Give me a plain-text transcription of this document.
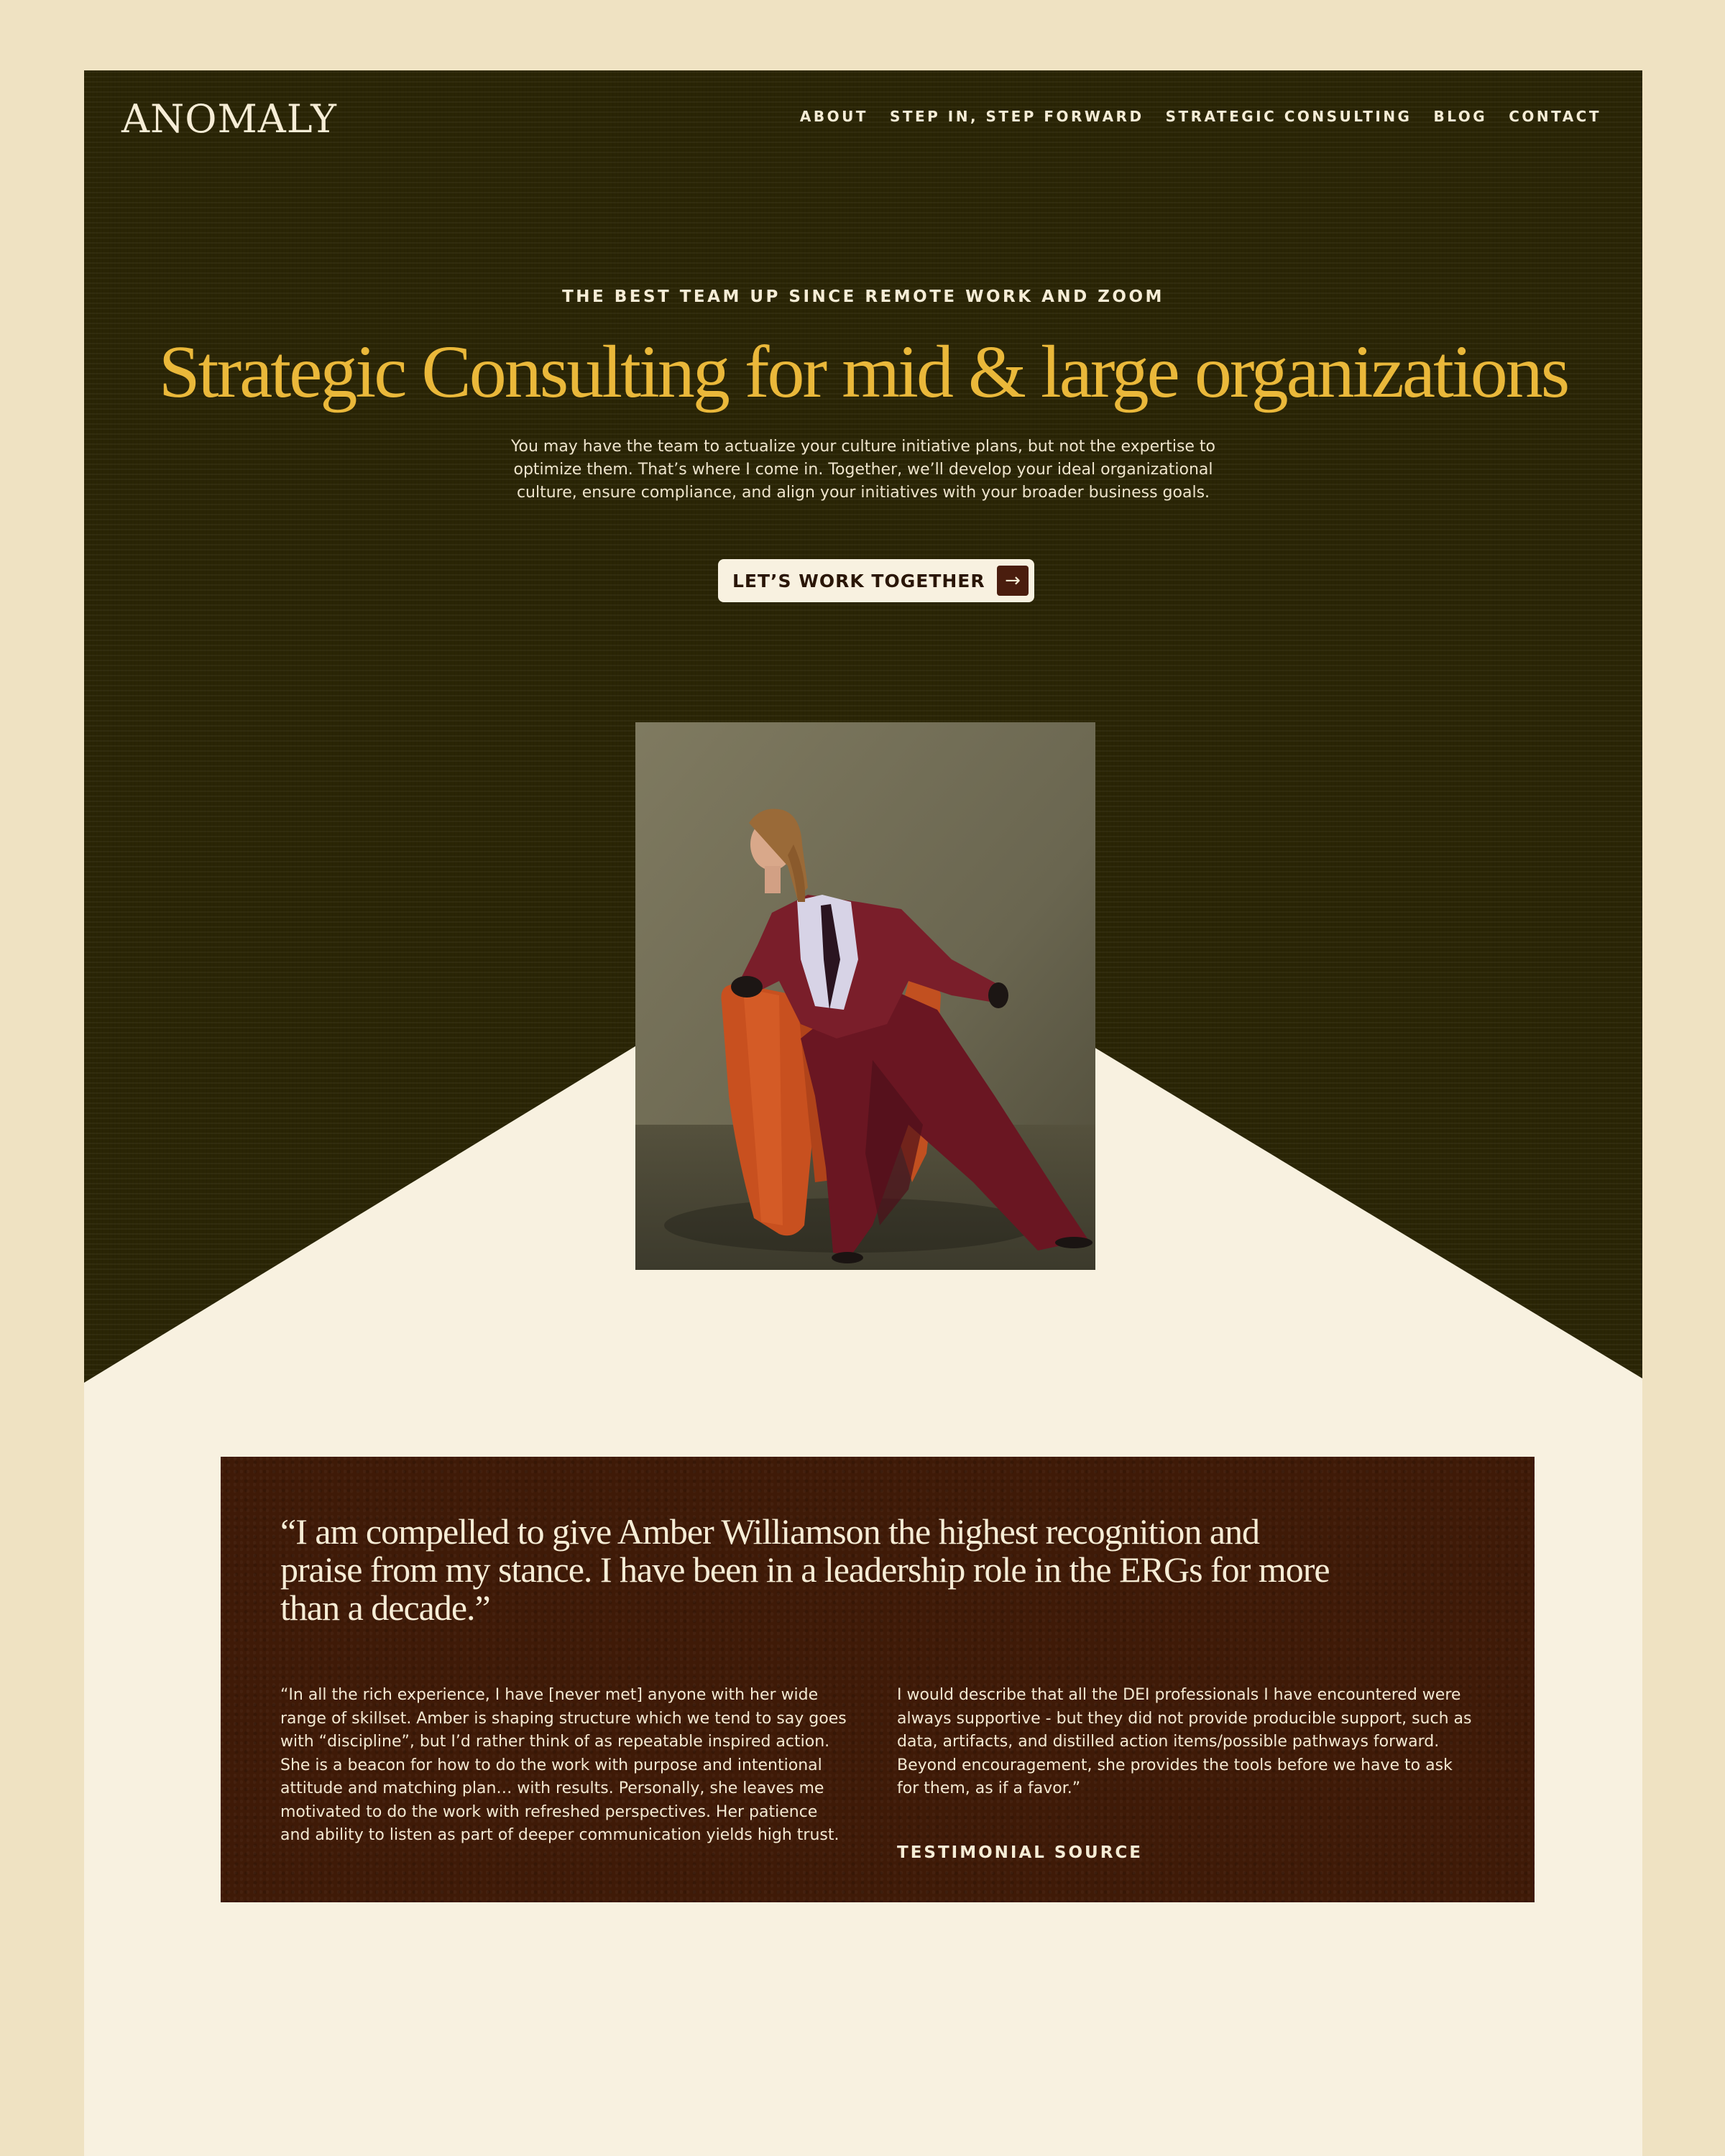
ANOMALY	ABOUT STEP IN, STEP FORWARD STRATEGIC CONSULTING BLOG CONTACT
THE BEST TEAM UP SINCE REMOTE WORK AND ZOOM
Strategic Consulting for mid & large organizations

You may have the team to actualize your culture initiative plans, but not the expertise to optimize them. That’s where I come in. Together, we’ll develop your ideal organizational culture, ensure compliance, and align your initiatives with your broader business goals.

LET’S WORK TOGETHER	→

“I am compelled to give Amber Williamson the highest recognition and praise from my stance. I have been in a leadership role in the ERGs for more than a decade.”

“In all the rich experience, I have [never met] anyone with her wide range of skillset. Amber is shaping structure which we tend to say goes with “discipline”, but I’d rather think of as repeatable inspired action. She is a beacon for how to do the work with purpose and intentional attitude and matching plan… with results. Personally, she leaves me motivated to do the work with refreshed perspectives. Her patience and ability to listen as part of deeper communication yields high trust.

I would describe that all the DEI professionals I have encountered were always supportive - but they did not provide producible support, such as data, artifacts, and distilled action items/possible pathways forward. Beyond encouragement, she provides the tools before we have to ask for them, as if a favor.”

TESTIMONIAL SOURCE
